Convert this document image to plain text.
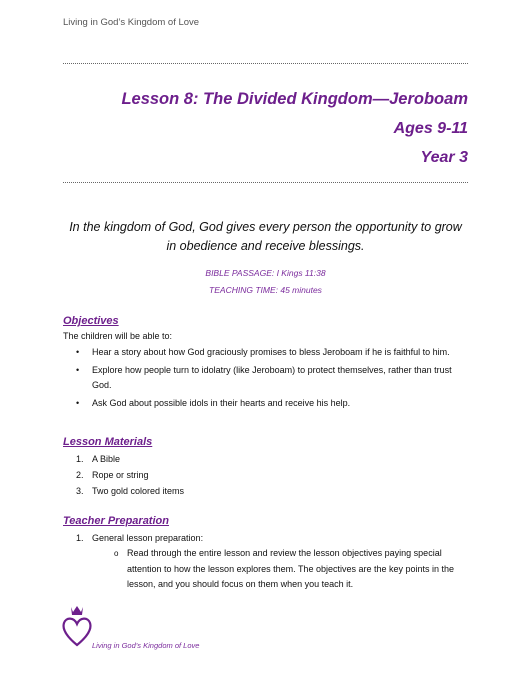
Living in God’s Kingdom of Love
Lesson 8: The Divided Kingdom—Jeroboam
Ages 9-11
Year 3
In the kingdom of God, God gives every person the opportunity to grow
in obedience and receive blessings.
BIBLE PASSAGE: I Kings 11:38
TEACHING TIME: 45 minutes
Objectives
The children will be able to:
• Hear a story about how God graciously promises to bless Jeroboam if he is faithful to him.
• Explore how people turn to idolatry (like Jeroboam) to protect themselves, rather than trust God.
• Ask God about possible idols in their hearts and receive his help.
Lesson Materials
1. A Bible
2. Rope or string
3. Two gold colored items
Teacher Preparation
1. General lesson preparation:
o Read through the entire lesson and review the lesson objectives paying special attention to how the lesson explores them. The objectives are the key points in the lesson, and you should focus on them when you teach it.
Living in God’s Kingdom of Love
